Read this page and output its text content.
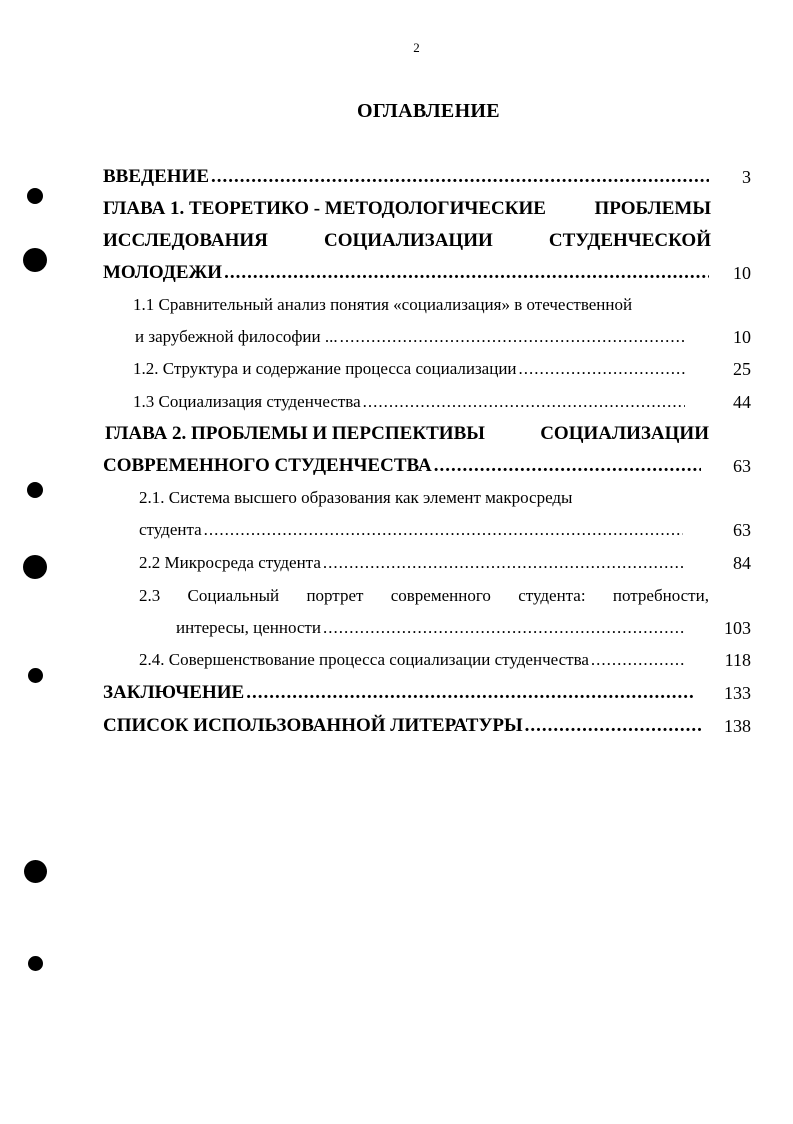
2
ОГЛАВЛЕНИЕ
ВВЕДЕНИЕ .....	3
ГЛАВА 1. ТЕОРЕТИКО - МЕТОДОЛОГИЧЕСКИЕ	ПРОБЛЕМЫ
ИССЛЕДОВАНИЯ	СОЦИАЛИЗАЦИИ	СТУДЕНЧЕСКОЙ
МОЛОДЕЖИ .....	10
1.1 Сравнительный анализ понятия «социализация» в отечественной
и зарубежной философии ... .....	10
1.2. Структура и содержание процесса социализации .....	25
1.3 Социализация студенчества .....	44
ГЛАВА 2. ПРОБЛЕМЫ И ПЕРСПЕКТИВЫ	СОЦИАЛИЗАЦИИ
СОВРЕМЕННОГО СТУДЕНЧЕСТВА .....	63
2.1. Система высшего образования как элемент макросреды
студента .....	63
2.2 Микросреда студента .....	84
2.3 Социальный портрет современного студента: потребности,
интересы, ценности .....	103
2.4. Совершенствование процесса социализации студенчества .....	118
ЗАКЛЮЧЕНИЕ .....	133
СПИСОК ИСПОЛЬЗОВАННОЙ ЛИТЕРАТУРЫ .....	138
